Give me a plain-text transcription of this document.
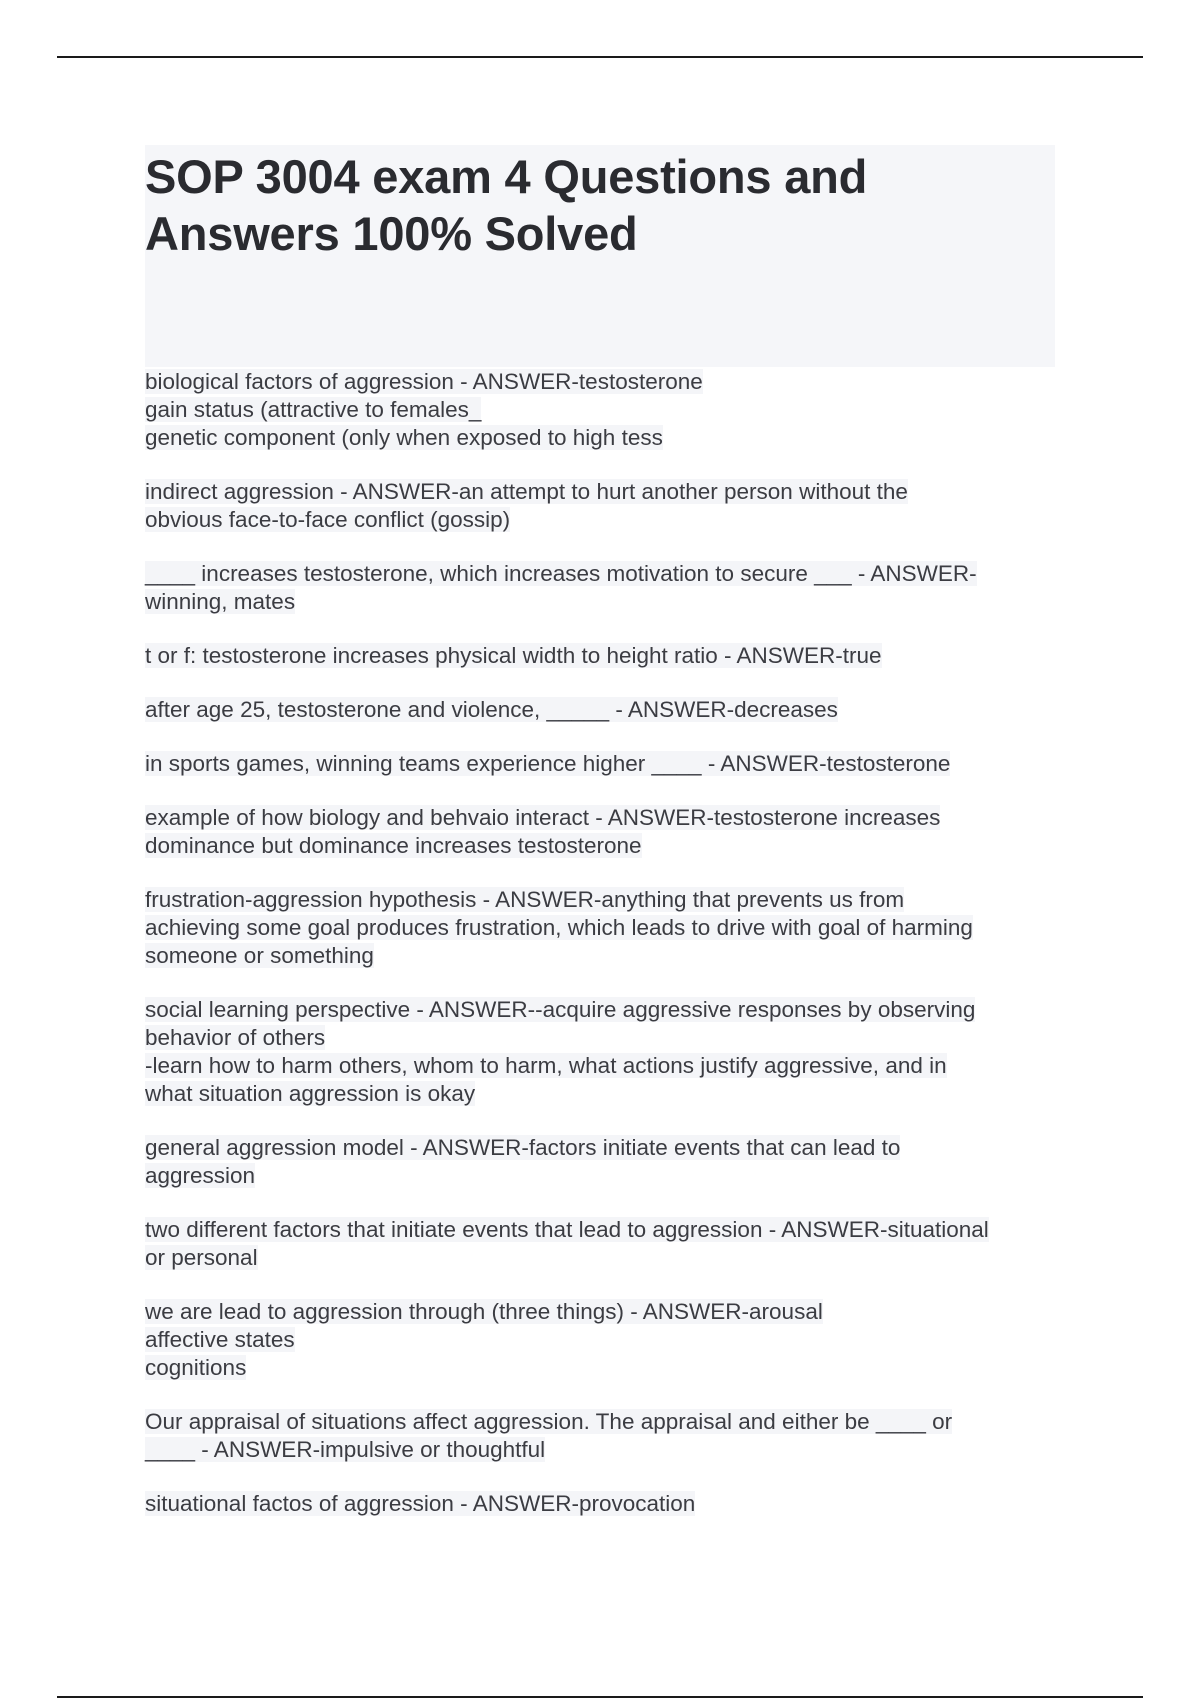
SOP 3004 exam 4 Questions and
Answers 100% Solved
biological factors of aggression - ANSWER-testosterone
gain status (attractive to females_
genetic component (only when exposed to high tess
indirect aggression - ANSWER-an attempt to hurt another person without the
obvious face-to-face conflict (gossip)
____ increases testosterone, which increases motivation to secure ___ - ANSWER-
winning, mates
t or f: testosterone increases physical width to height ratio - ANSWER-true
after age 25, testosterone and violence, _____ - ANSWER-decreases
in sports games, winning teams experience higher ____ - ANSWER-testosterone
example of how biology and behvaio interact - ANSWER-testosterone increases
dominance but dominance increases testosterone
frustration-aggression hypothesis - ANSWER-anything that prevents us from
achieving some goal produces frustration, which leads to drive with goal of harming
someone or something
social learning perspective - ANSWER--acquire aggressive responses by observing
behavior of others
-learn how to harm others, whom to harm, what actions justify aggressive, and in
what situation aggression is okay
general aggression model - ANSWER-factors initiate events that can lead to
aggression
two different factors that initiate events that lead to aggression - ANSWER-situational
or personal
we are lead to aggression through (three things) - ANSWER-arousal
affective states
cognitions
Our appraisal of situations affect aggression. The appraisal and either be ____ or
____ - ANSWER-impulsive or thoughtful
situational factos of aggression - ANSWER-provocation
